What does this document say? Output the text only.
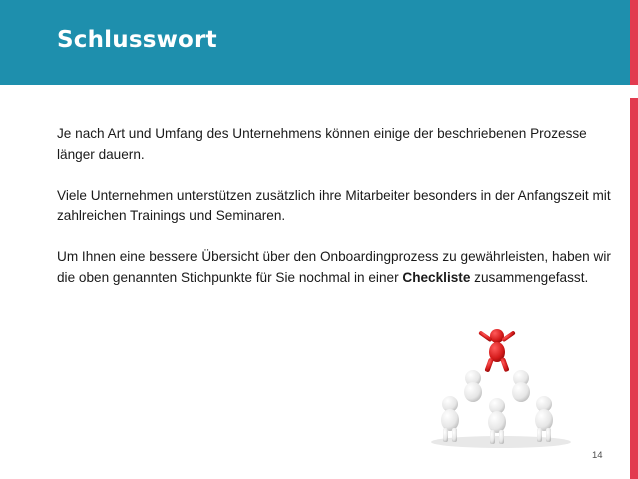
Schlusswort

Je nach Art und Umfang des Unternehmens können einige der beschriebenen Prozesse länger dauern.

Viele Unternehmen unterstützen zusätzlich ihre Mitarbeiter besonders in der Anfangszeit mit zahlreichen Trainings und Seminaren.

Um Ihnen eine bessere Übersicht über den Onboardingprozess zu gewährleisten, haben wir die oben genannten Stichpunkte für Sie nochmal in einer Checkliste zusammengefasst.

14
